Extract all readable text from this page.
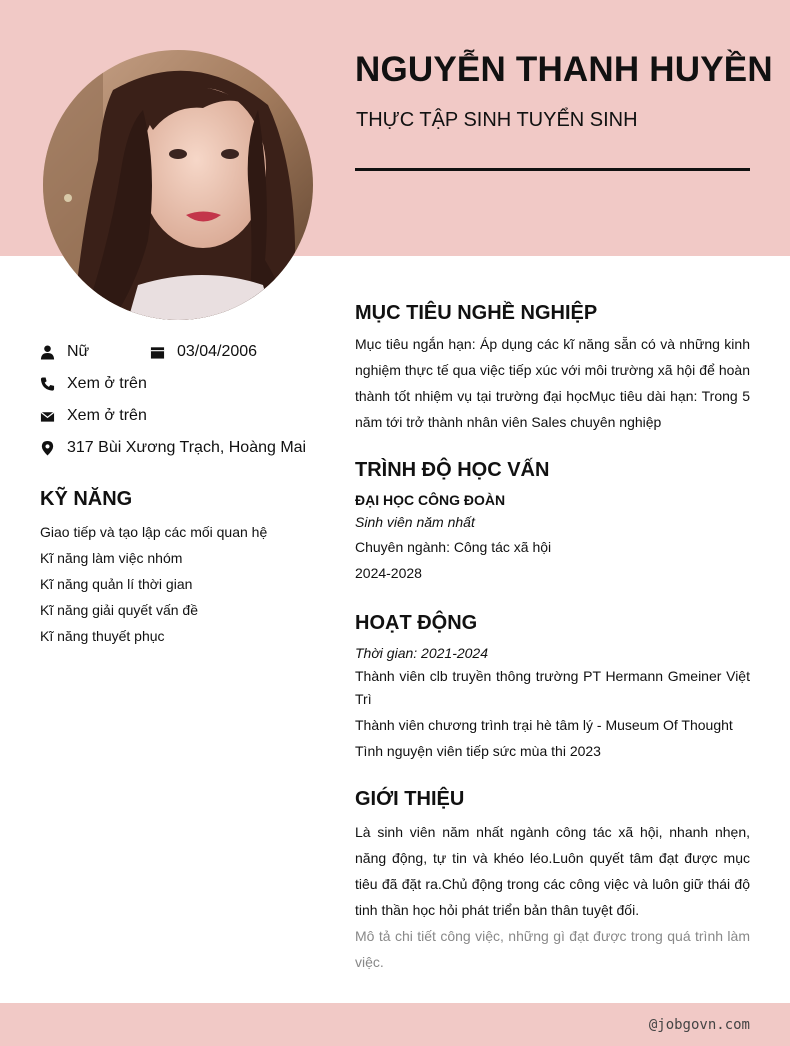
NGUYỄN THANH HUYỀN
THỰC TẬP SINH TUYỂN SINH
Nữ	03/04/2006
Xem ở trên
Xem ở trên
317 Bùi Xương Trạch, Hoàng Mai
KỸ NĂNG
Giao tiếp và tạo lập các mối quan hệ
Kĩ năng làm việc nhóm
Kĩ năng quản lí thời gian
Kĩ năng giải quyết vấn đề
Kĩ năng thuyết phục
MỤC TIÊU NGHỀ NGHIỆP
Mục tiêu ngắn hạn: Áp dụng các kĩ năng sẵn có và những kinh nghiệm thực tế qua việc tiếp xúc với môi trường xã hội để hoàn thành tốt nhiệm vụ tại trường đại họcMục tiêu dài hạn: Trong 5 năm tới trở thành nhân viên Sales chuyên nghiệp
TRÌNH ĐỘ HỌC VẤN
ĐẠI HỌC CÔNG ĐOÀN
Sinh viên năm nhất
Chuyên ngành: Công tác xã hội
2024-2028
HOẠT ĐỘNG
Thời gian: 2021-2024
Thành viên clb truyền thông trường PT Hermann Gmeiner Việt Trì
Thành viên chương trình trại hè tâm lý - Museum Of Thought
Tình nguyện viên tiếp sức mùa thi 2023
GIỚI THIỆU
Là sinh viên năm nhất ngành công tác xã hội, nhanh nhẹn, năng động, tự tin và khéo léo.Luôn quyết tâm đạt được mục tiêu đã đặt ra.Chủ động trong các công việc và luôn giữ thái độ tinh thần học hỏi phát triển bản thân tuyệt đối.
Mô tả chi tiết công việc, những gì đạt được trong quá trình làm việc.
@jobgovn.com
